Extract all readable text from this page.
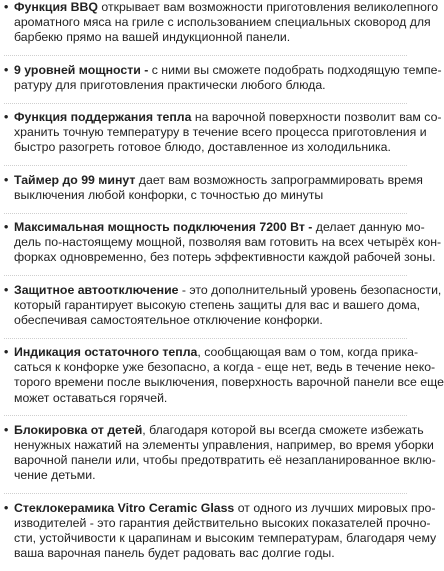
• Функция BBQ открывает вам возможности приготовления великолепного
ароматного мяса на гриле с использованием специальных сковород для
барбекю прямо на вашей индукционной панели.
• 9 уровней мощности - с ними вы сможете подобрать подходящую темпе-
ратуру для приготовления практически любого блюда.
• Функция поддержания тепла на варочной поверхности позволит вам со-
хранить точную температуру в течение всего процесса приготовления и
быстро разогреть готовое блюдо, доставленное из холодильника.
• Таймер до 99 минут дает вам возможность запрограммировать время
выключения любой конфорки, с точностью до минуты
• Максимальная мощность подключения 7200 Вт - делает данную мо-
дель по-настоящему мощной, позволяя вам готовить на всех четырёх кон-
форках одновременно, без потерь эффективности каждой рабочей зоны.
• Защитное автоотключение - это дополнительный уровень безопасности,
который гарантирует высокую степень защиты для вас и вашего дома,
обеспечивая самостоятельное отключение конфорки.
• Индикация остаточного тепла, сообщающая вам о том, когда прика-
саться к конфорке уже безопасно, а когда - еще нет, ведь в течение неко-
торого времени после выключения, поверхность варочной панели все еще
может оставаться горячей.
• Блокировка от детей, благодаря которой вы всегда сможете избежать
ненужных нажатий на элементы управления, например, во время уборки
варочной панели или, чтобы предотвратить её незапланированное вклю-
чение детьми.
• Стеклокерамика Vitro Ceramic Glass от одного из лучших мировых про-
изводителей - это гарантия действительно высоких показателей прочно-
сти, устойчивости к царапинам и высоким температурам, благодаря чему
ваша варочная панель будет радовать вас долгие годы.
